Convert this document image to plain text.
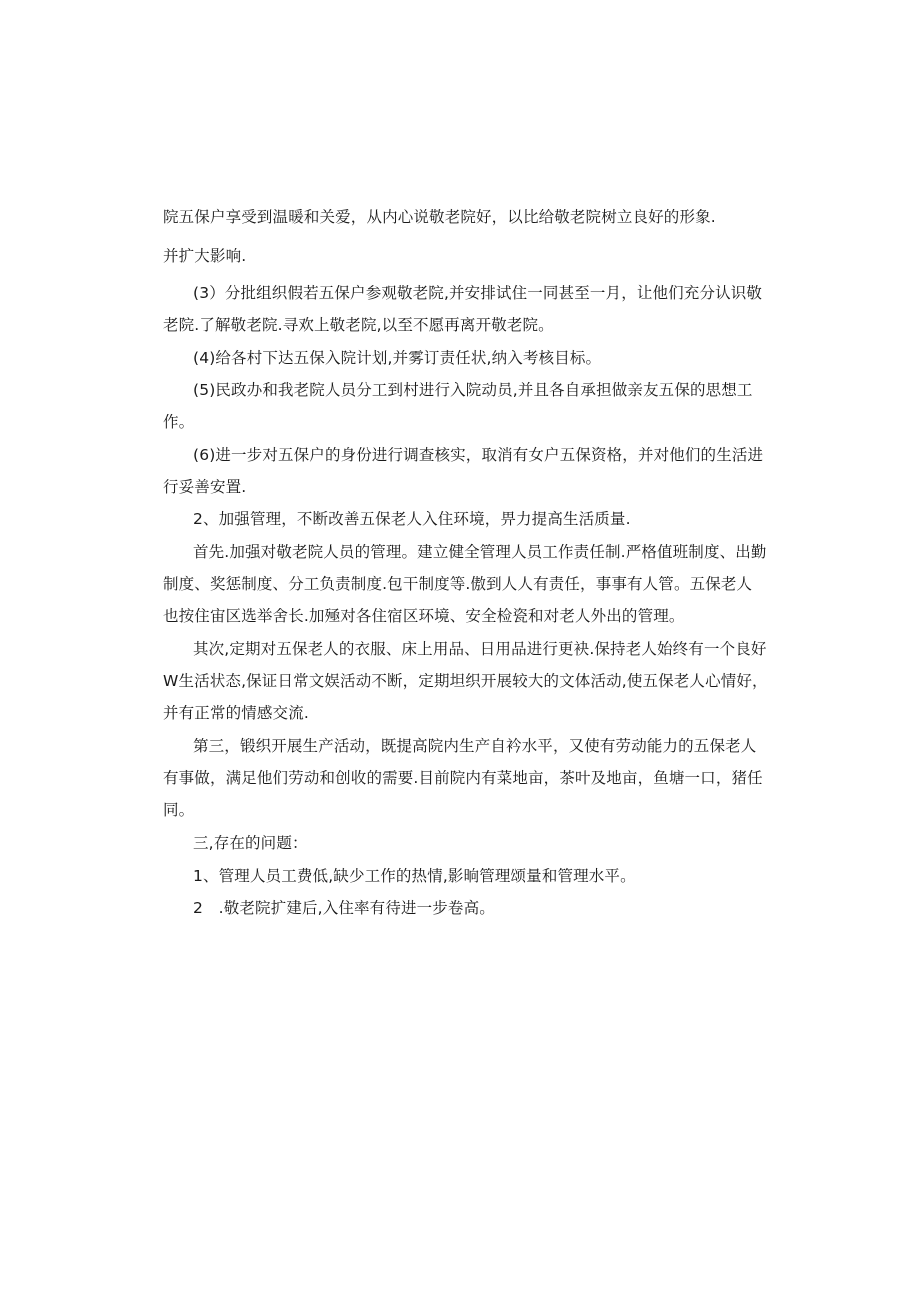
院五保户享受到温暖和关爱，从内心说敬老院好，以比给敬老院树立良好的形象.
并扩大影响.
(3）分批组织假若五保户参观敬老院,并安排试住一同甚至一月，让他们充分认识敬
老院.了解敬老院.寻欢上敬老院,以至不愿再离开敬老院。
(4)给各村下达五保入院计划,并雾订责任状,纳入考核目标。
(5)民政办和我老院人员分工到村进行入院动员,并且各自承担做亲友五保的思想工
作。
(6)进一步对五保户的身份进行调查核实，取消有女户五保资格，并对他们的生活进
行妥善安置.
2、加强管理，不断改善五保老人入住环境，畀力提高生活质量.
首先.加强对敬老院人员的管理。建立健全管理人员工作责任制.严格值班制度、出勤
制度、奖惩制度、分工负责制度.包干制度等.傲到人人有责任，事事有人管。五保老人
也按住宙区选举舍长.加殛对各住宿区环境、安全检瓷和对老人外出的管理。
其次,定期对五保老人的衣服、床上用品、日用品进行更袂.保持老人始终有一个良好
W生活状态,保证日常文娱活动不断，定期坦织开展较大的文体活动,使五保老人心情好，
并有正常的情感交流.
第三，锻织开展生产活动，既提高院内生产自衿水平，又使有劳动能力的五保老人
有事做，满足他们劳动和创收的需要.目前院内有菜地亩，茶叶及地亩，鱼塘一口，猪任
同。
三,存在的问题：
1、管理人员工费低,缺少工作的热情,影晌管理颂量和管理水平。
2　.敬老院扩建后,入住率有待进一步卷高。
